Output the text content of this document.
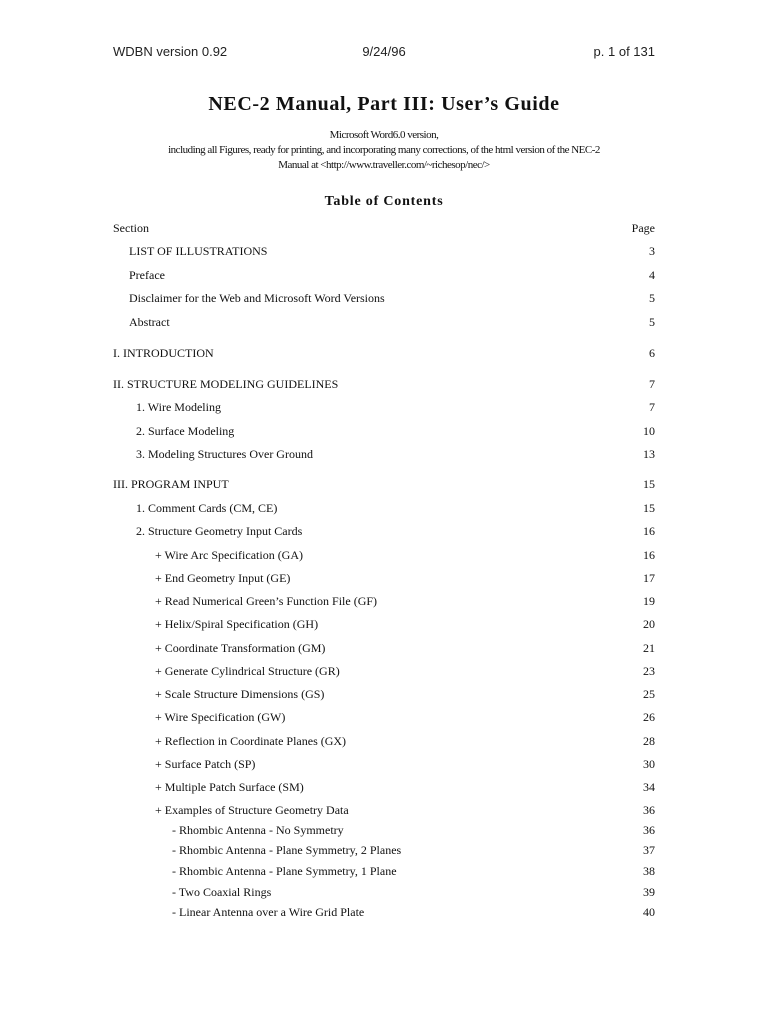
WDBN version 0.92	9/24/96	p. 1 of 131
NEC-2 Manual, Part III: User’s Guide
Microsoft Word6.0 version,
including all Figures, ready for printing, and incorporating many corrections, of the html version of the NEC-2
Manual at <http://www.traveller.com/~richesop/nec/>
Table of Contents
Section	Page
LIST OF ILLUSTRATIONS	3
Preface	4
Disclaimer for the Web and Microsoft Word Versions	5
Abstract	5
I. INTRODUCTION	6
II. STRUCTURE MODELING GUIDELINES	7
1. Wire Modeling	7
2. Surface Modeling	10
3. Modeling Structures Over Ground	13
III. PROGRAM INPUT	15
1. Comment Cards (CM, CE)	15
2. Structure Geometry Input Cards	16
+ Wire Arc Specification (GA)	16
+ End Geometry Input (GE)	17
+ Read Numerical Green’s Function File (GF)	19
+ Helix/Spiral Specification (GH)	20
+ Coordinate Transformation (GM)	21
+ Generate Cylindrical Structure (GR)	23
+ Scale Structure Dimensions (GS)	25
+ Wire Specification (GW)	26
+ Reflection in Coordinate Planes (GX)	28
+ Surface Patch (SP)	30
+ Multiple Patch Surface (SM)	34
+ Examples of Structure Geometry Data	36
- Rhombic Antenna - No Symmetry	36
- Rhombic Antenna - Plane Symmetry, 2 Planes	37
- Rhombic Antenna - Plane Symmetry, 1 Plane	38
- Two Coaxial Rings	39
- Linear Antenna over a Wire Grid Plate	40
